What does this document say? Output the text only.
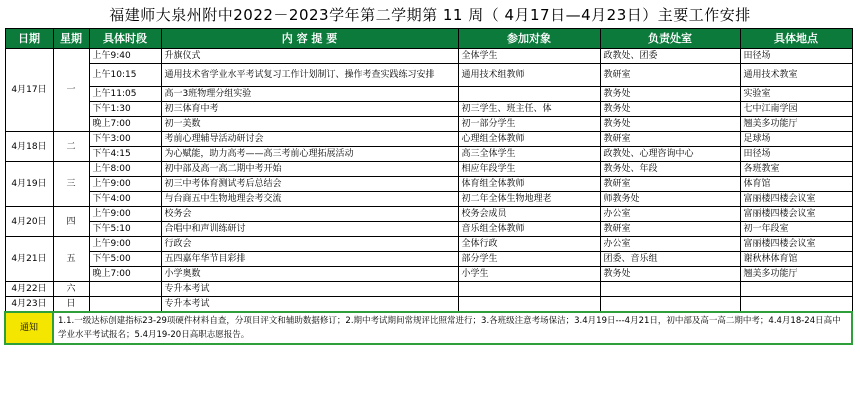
福建师大泉州附中2022－2023学年第二学期第 11 周（ 4月17日—4月23日）主要工作安排
日期	星期	具体时段	内 容 提 要	参加对象	负责处室	具体地点
4月17日	一	上午9:40	升旗仪式	全体学生	政教处、团委	田径场
		上午10:15	通用技术省学业水平考试复习工作计划制订、操作考查实践练习安排	通用技术组教师	教研室	通用技术教室
		上午11:05	高一3班物理分组实验		教务处	实验室
		下午1:30	初三体育中考	初三学生、班主任、体	教务处	七中江南学园
		晚上7:00	初一美数	初一部分学生	教务处	翘美多功能厅
4月18日	二	下午3:00	考前心理辅导活动研讨会	心理组全体教师	教研室	足球场
		下午4:15	为心赋能，助力高考——高三考前心理拓展活动	高三全体学生	政教处、心理咨询中心	田径场
4月19日	三	上午8:00	初中部及高一高二期中考开始	相应年段学生	教务处、年段	各班教室
		上午9:00	初三中考体育测试考后总结会	体育组全体教师	教研室	体育馆
		下午4:00	与台商五中生物地理会考交流	初二年全体生物地理老	师教务处	富丽楼四楼会议室
4月20日	四	上午9:00	校务会	校务会成员	办公室	富丽楼四楼会议室
		下午5:10	合唱中和声训练研讨	音乐组全体教师	教研室	初一年段室
4月21日	五	上午9:00	行政会	全体行政	办公室	富丽楼四楼会议室
		下午5:00	五四嘉年华节目彩排	部分学生	团委、音乐组	谢秋林体育馆
		晚上7:00	小学奥数	小学生	教务处	翘美多功能厅
4月22日	六		专升本考试			
4月23日	日		专升本考试			
通知	1.1.一级达标创建指标23-29项硬件材料自查，分项目评文和辅助数据修订；2.期中考试期间常规评比照常进行；3.各班级注意考场保洁；3.4月19日---4月21日，初中部及高一高二期中考；4.4月18-24日高中学业水平考试报名；5.4月19-20日高职志愿报告。					
